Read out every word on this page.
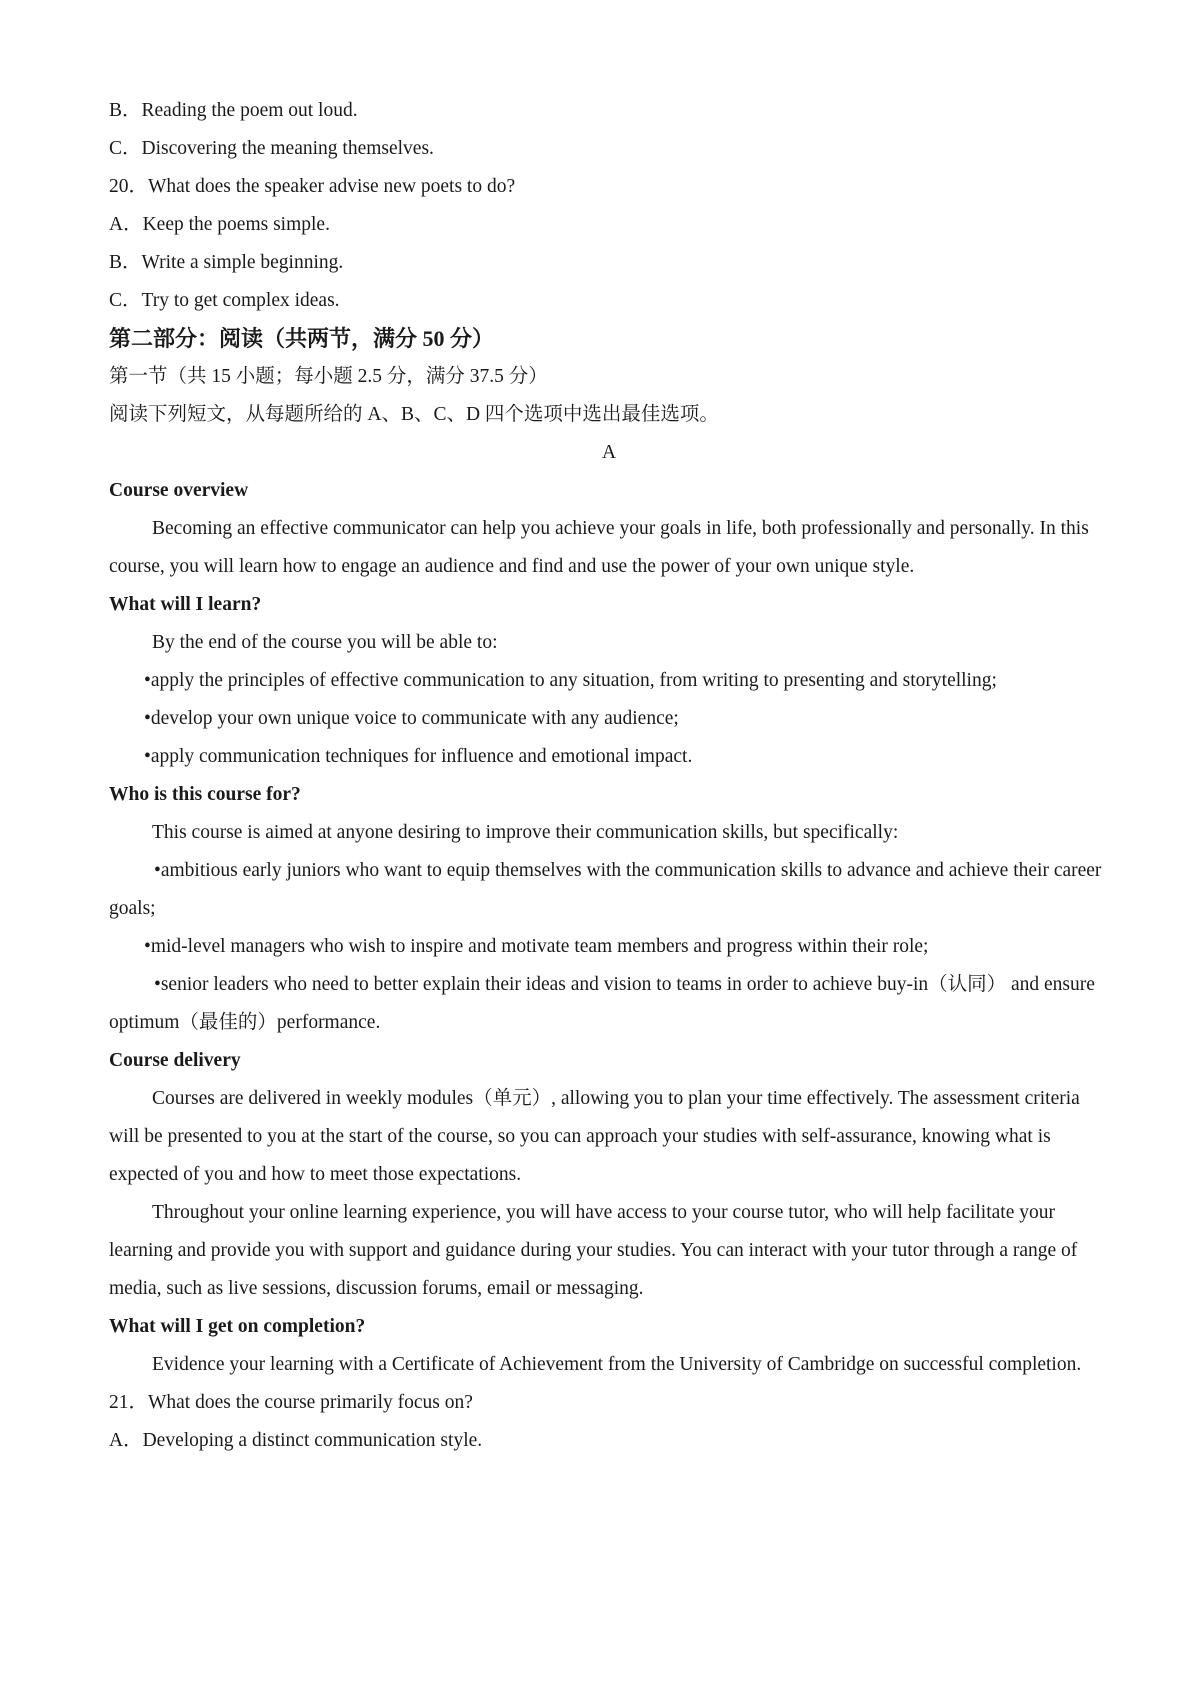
B．Reading the poem out loud.
C．Discovering the meaning themselves.
20．What does the speaker advise new poets to do?
A．Keep the poems simple.
B．Write a simple beginning.
C．Try to get complex ideas.
第二部分：阅读（共两节，满分 50 分）
第一节（共 15 小题；每小题 2.5 分，满分 37.5 分）
阅读下列短文，从每题所给的 A、B、C、D 四个选项中选出最佳选项。
A
Course overview

Becoming an effective communicator can help you achieve your goals in life, both professionally and personally. In this course, you will learn how to engage an audience and find and use the power of your own unique style.

What will I learn?
By the end of the course you will be able to:
•apply the principles of effective communication to any situation, from writing to presenting and storytelling;
•develop your own unique voice to communicate with any audience;
•apply communication techniques for influence and emotional impact.
Who is this course for?
This course is aimed at anyone desiring to improve their communication skills, but specifically:

•ambitious early juniors who want to equip themselves with the communication skills to advance and achieve their career goals;

•mid-level managers who wish to inspire and motivate team members and progress within their role;

•senior leaders who need to better explain their ideas and vision to teams in order to achieve buy-in（认同） and ensure optimum（最佳的）performance.

Course delivery

Courses are delivered in weekly modules（单元）, allowing you to plan your time effectively. The assessment criteria will be presented to you at the start of the course, so you can approach your studies with self-assurance, knowing what is expected of you and how to meet those expectations.

Throughout your online learning experience, you will have access to your course tutor, who will help facilitate your learning and provide you with support and guidance during your studies. You can interact with your tutor through a range of media, such as live sessions, discussion forums, email or messaging.

What will I get on completion?

Evidence your learning with a Certificate of Achievement from the University of Cambridge on successful completion.

21．What does the course primarily focus on?
A．Developing a distinct communication style.
